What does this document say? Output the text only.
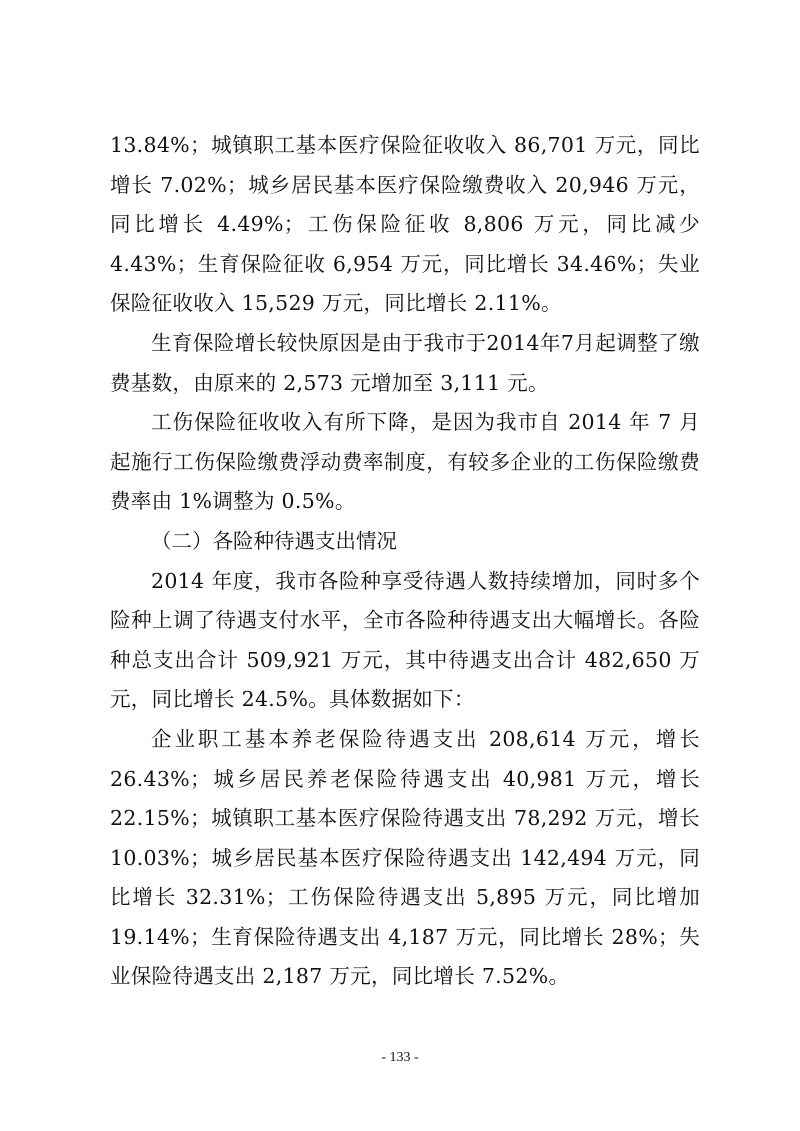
13.84%；城镇职工基本医疗保险征收收入 86,701 万元，同比增长 7.02%；城乡居民基本医疗保险缴费收入 20,946 万元，同比增长 4.49%；工伤保险征收 8,806 万元，同比减少 4.43%；生育保险征收 6,954 万元，同比增长 34.46%；失业保险征收收入 15,529 万元，同比增长 2.11%。

生育保险增长较快原因是由于我市于2014年7月起调整了缴费基数，由原来的 2,573 元增加至 3,111 元。

工伤保险征收收入有所下降，是因为我市自 2014 年 7 月起施行工伤保险缴费浮动费率制度，有较多企业的工伤保险缴费费率由 1%调整为 0.5%。

（二）各险种待遇支出情况

2014 年度，我市各险种享受待遇人数持续增加，同时多个险种上调了待遇支付水平，全市各险种待遇支出大幅增长。各险种总支出合计 509,921 万元，其中待遇支出合计 482,650 万元，同比增长 24.5%。具体数据如下：

企业职工基本养老保险待遇支出 208,614 万元，增长 26.43%；城乡居民养老保险待遇支出 40,981 万元，增长 22.15%；城镇职工基本医疗保险待遇支出 78,292 万元，增长 10.03%；城乡居民基本医疗保险待遇支出 142,494 万元，同比增长 32.31%；工伤保险待遇支出 5,895 万元，同比增加 19.14%；生育保险待遇支出 4,187 万元，同比增长 28%；失业保险待遇支出 2,187 万元，同比增长 7.52%。

- 133 -
